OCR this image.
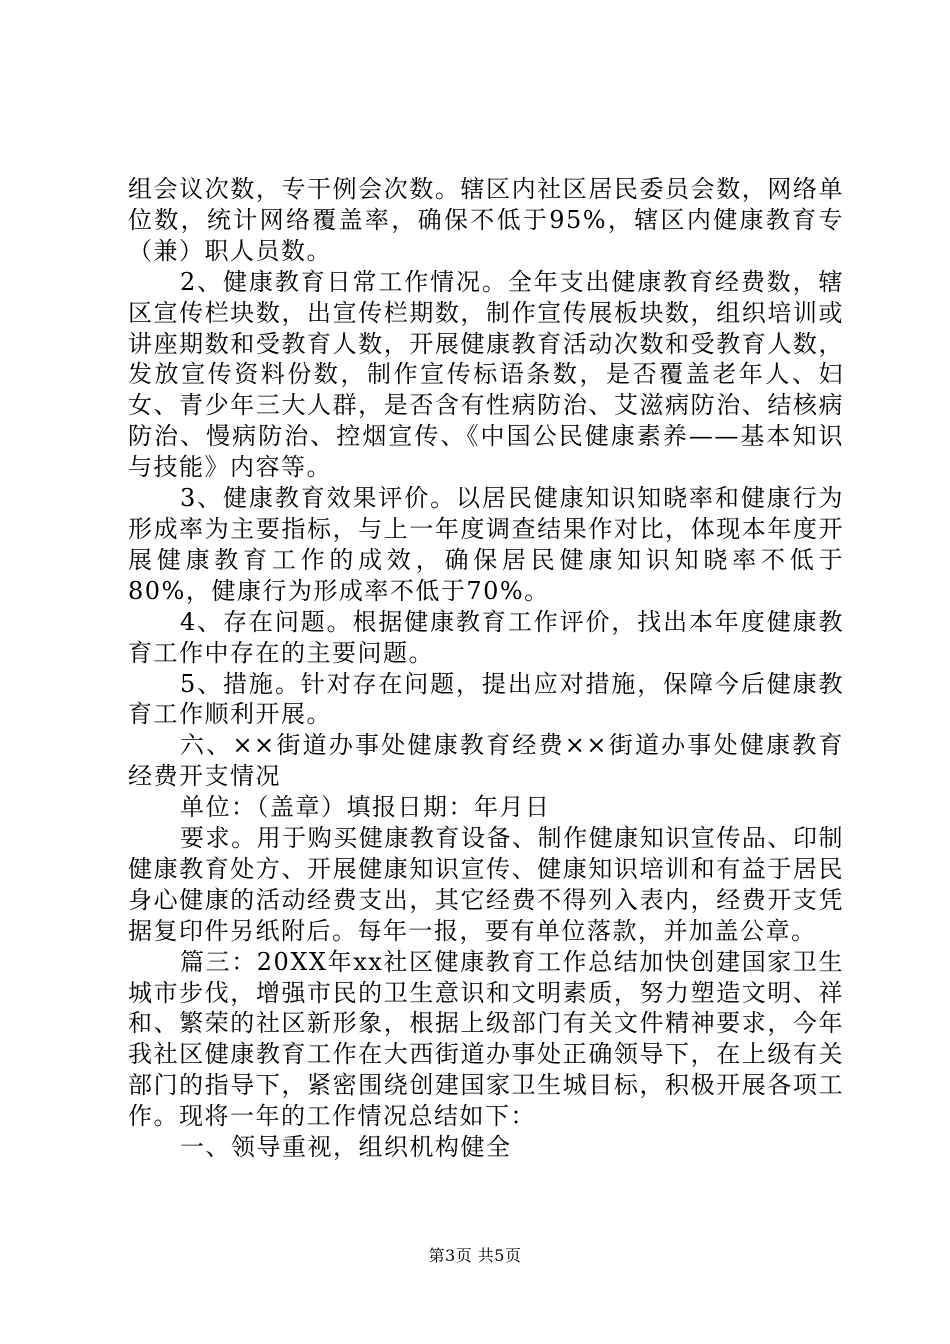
组会议次数，专干例会次数。辖区内社区居民委员会数，网络单位数，统计网络覆盖率，确保不低于95%，辖区内健康教育专（兼）职人员数。

2、健康教育日常工作情况。全年支出健康教育经费数，辖区宣传栏块数，出宣传栏期数，制作宣传展板块数，组织培训或讲座期数和受教育人数，开展健康教育活动次数和受教育人数，发放宣传资料份数，制作宣传标语条数，是否覆盖老年人、妇女、青少年三大人群，是否含有性病防治、艾滋病防治、结核病防治、慢病防治、控烟宣传、《中国公民健康素养——基本知识与技能》内容等。

3、健康教育效果评价。以居民健康知识知晓率和健康行为形成率为主要指标，与上一年度调查结果作对比，体现本年度开展健康教育工作的成效，确保居民健康知识知晓率不低于80%，健康行为形成率不低于70%。

4、存在问题。根据健康教育工作评价，找出本年度健康教育工作中存在的主要问题。

5、措施。针对存在问题，提出应对措施，保障今后健康教育工作顺利开展。

六、××街道办事处健康教育经费××街道办事处健康教育经费开支情况

单位：（盖章）填报日期：年月日

要求。用于购买健康教育设备、制作健康知识宣传品、印制健康教育处方、开展健康知识宣传、健康知识培训和有益于居民身心健康的活动经费支出，其它经费不得列入表内，经费开支凭据复印件另纸附后。每年一报，要有单位落款，并加盖公章。

篇三：20XX年xx社区健康教育工作总结加快创建国家卫生城市步伐，增强市民的卫生意识和文明素质，努力塑造文明、祥和、繁荣的社区新形象，根据上级部门有关文件精神要求，今年我社区健康教育工作在大西街道办事处正确领导下，在上级有关部门的指导下，紧密围绕创建国家卫生城目标，积极开展各项工作。现将一年的工作情况总结如下：

一、领导重视，组织机构健全

第3页 共5页
